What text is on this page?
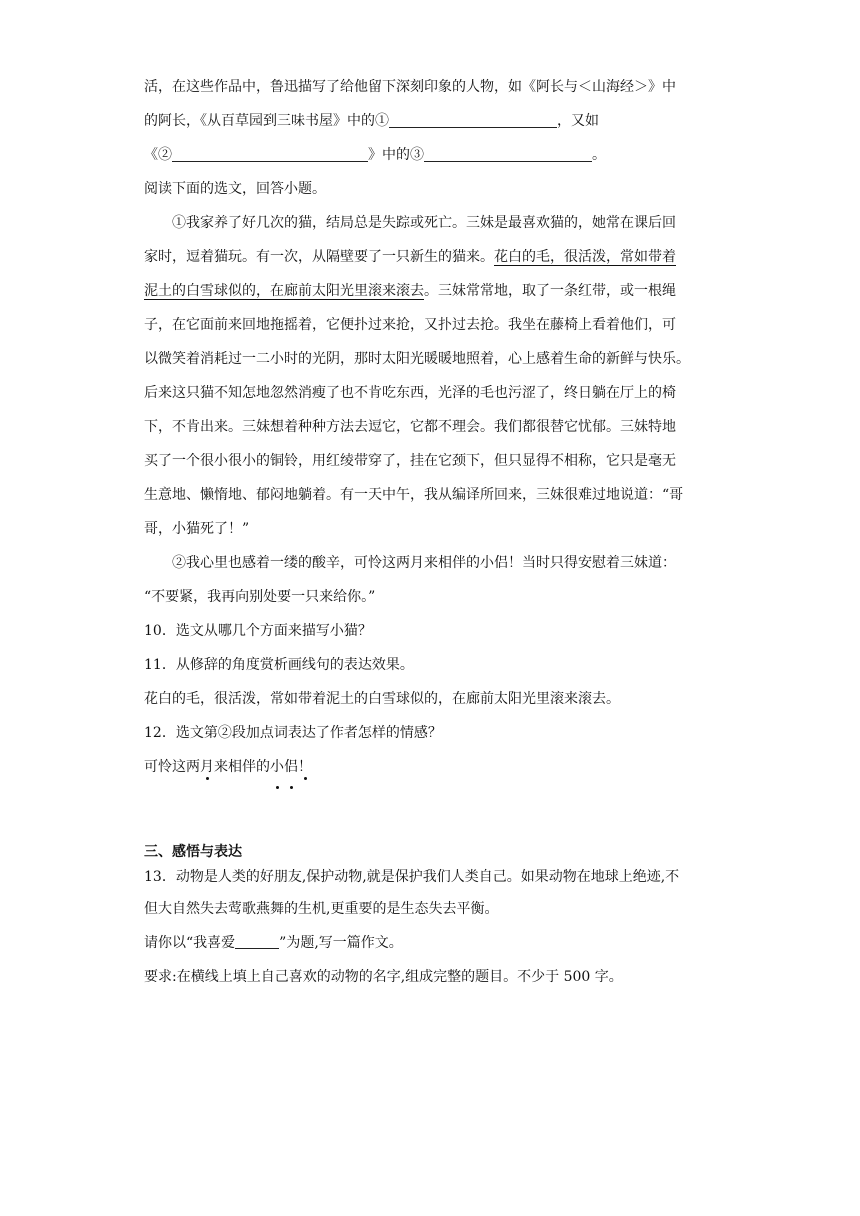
活，在这些作品中，鲁迅描写了给他留下深刻印象的人物，如《阿长与＜山海经＞》中
的阿长，《从百草园到三味书屋》中的①	，又如
《②	》中的③	。
阅读下面的选文，回答小题。
①我家养了好几次的猫，结局总是失踪或死亡。三妹是最喜欢猫的，她常在课后回
家时，逗着猫玩。有一次，从隔壁要了一只新生的猫来。花白的毛，很活泼，常如带着
泥土的白雪球似的，在廊前太阳光里滚来滚去。三妹常常地，取了一条红带，或一根绳
子，在它面前来回地拖摇着，它便扑过来抢，又扑过去抢。我坐在藤椅上看着他们，可
以微笑着消耗过一二小时的光阴，那时太阳光暖暖地照着，心上感着生命的新鲜与快乐。
后来这只猫不知怎地忽然消瘦了也不肯吃东西，光泽的毛也污涩了，终日躺在厅上的椅
下，不肯出来。三妹想着种种方法去逗它，它都不理会。我们都很替它忧郁。三妹特地
买了一个很小很小的铜铃，用红绫带穿了，挂在它颈下，但只显得不相称，它只是毫无
生意地、懒惰地、郁闷地躺着。有一天中午，我从编译所回来，三妹很难过地说道：“哥
哥，小猫死了！”
②我心里也感着一缕的酸辛，可怜这两月来相伴的小侣！当时只得安慰着三妹道：
“不要紧，我再向别处要一只来给你。”
10．选文从哪几个方面来描写小猫？
11．从修辞的角度赏析画线句的表达效果。
花白的毛，很活泼，常如带着泥土的白雪球似的，在廊前太阳光里滚来滚去。
12．选文第②段加点词表达了作者怎样的情感？
可怜这两月来相伴的小侣！
三、感悟与表达
13．动物是人类的好朋友,保护动物,就是保护我们人类自己。如果动物在地球上绝迹,不
但大自然失去莺歌燕舞的生机,更重要的是生态失去平衡。
请你以“我喜爱	”为题,写一篇作文。
要求:在横线上填上自己喜欢的动物的名字,组成完整的题目。不少于 500 字。
